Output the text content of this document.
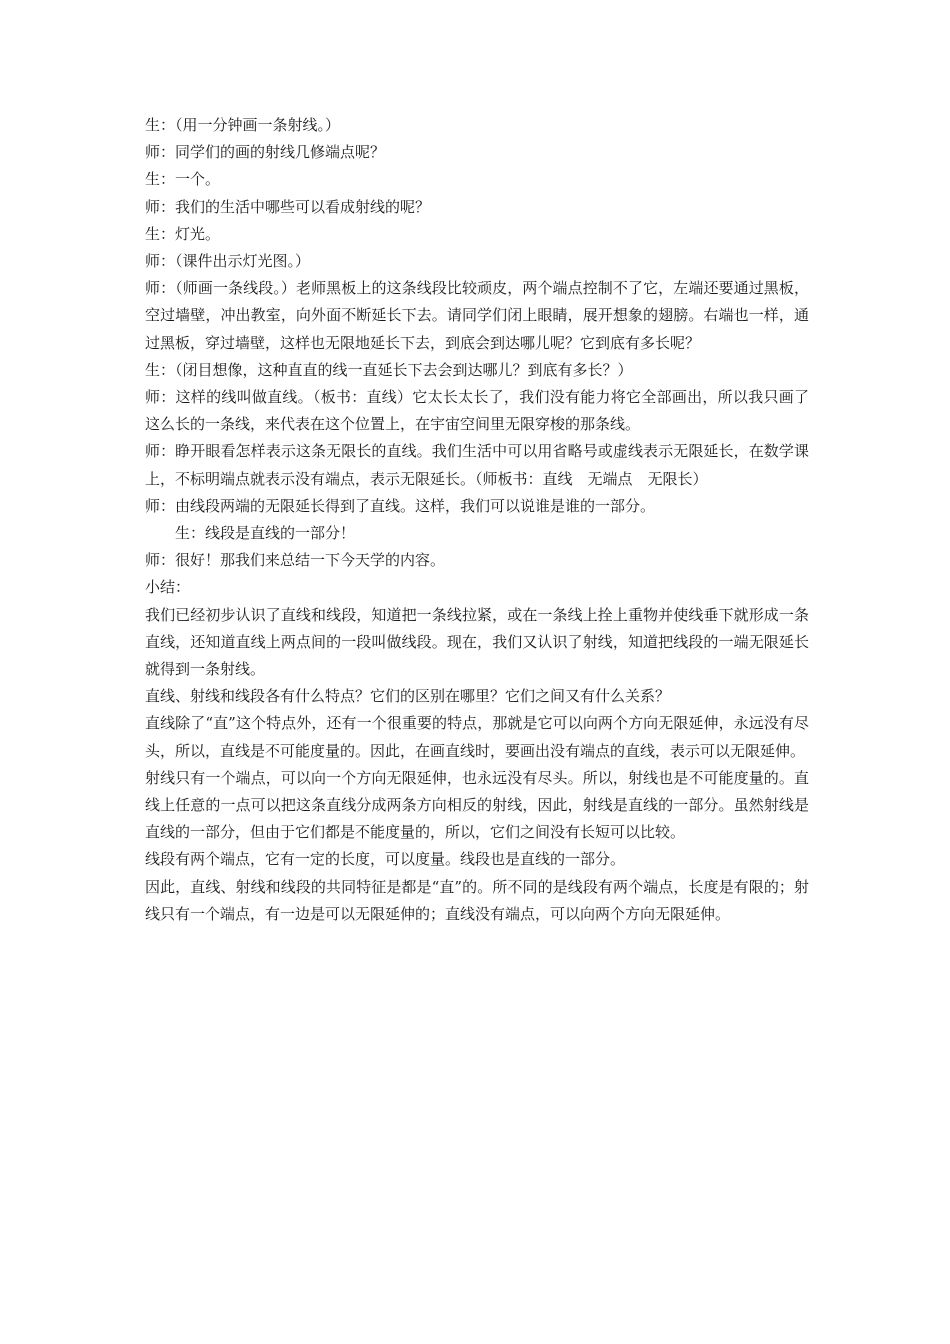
生：（用一分钟画一条射线。）

师：同学们的画的射线几修端点呢？

生：一个。

师：我们的生活中哪些可以看成射线的呢？

生：灯光。

师：（课件出示灯光图。）

师：（师画一条线段。）老师黑板上的这条线段比较顽皮，两个端点控制不了它，左端还要通过黑板，空过墙壁，冲出教室，向外面不断延长下去。请同学们闭上眼睛，展开想象的翅膀。右端也一样，通过黑板，穿过墙壁，这样也无限地延长下去，到底会到达哪儿呢？它到底有多长呢？

生：（闭目想像，这种直直的线一直延长下去会到达哪儿？到底有多长？）

师：这样的线叫做直线。（板书：直线）它太长太长了，我们没有能力将它全部画出，所以我只画了这么长的一条线，来代表在这个位置上，在宇宙空间里无限穿梭的那条线。

师：睁开眼看怎样表示这条无限长的直线。我们生活中可以用省略号或虚线表示无限延长，在数学课上，不标明端点就表示没有端点，表示无限延长。（师板书：直线　无端点　无限长）

师：由线段两端的无限延长得到了直线。这样，我们可以说谁是谁的一部分。

生：线段是直线的一部分！

师：很好！那我们来总结一下今天学的内容。

小结：

我们已经初步认识了直线和线段，知道把一条线拉紧，或在一条线上拴上重物并使线垂下就形成一条直线，还知道直线上两点间的一段叫做线段。现在，我们又认识了射线，知道把线段的一端无限延长就得到一条射线。

直线、射线和线段各有什么特点？它们的区别在哪里？它们之间又有什么关系？

直线除了“直”这个特点外，还有一个很重要的特点，那就是它可以向两个方向无限延伸，永远没有尽头，所以，直线是不可能度量的。因此，在画直线时，要画出没有端点的直线，表示可以无限延伸。

射线只有一个端点，可以向一个方向无限延伸，也永远没有尽头。所以，射线也是不可能度量的。直线上任意的一点可以把这条直线分成两条方向相反的射线，因此，射线是直线的一部分。虽然射线是直线的一部分，但由于它们都是不能度量的，所以，它们之间没有长短可以比较。

线段有两个端点，它有一定的长度，可以度量。线段也是直线的一部分。

因此，直线、射线和线段的共同特征是都是“直”的。所不同的是线段有两个端点，长度是有限的；射线只有一个端点，有一边是可以无限延伸的；直线没有端点，可以向两个方向无限延伸。
